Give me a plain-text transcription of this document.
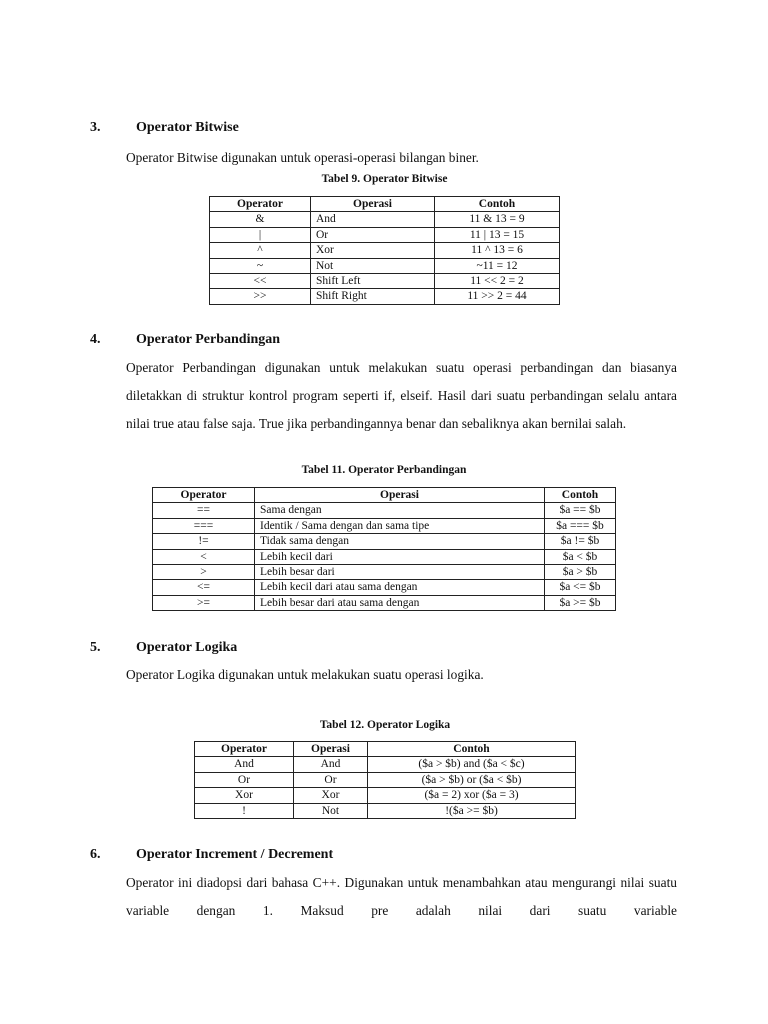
3.	Operator Bitwise
Operator Bitwise digunakan untuk operasi-operasi bilangan biner.
Tabel 9. Operator Bitwise
Operator	Operasi	Contoh
&	And	11 & 13 = 9
|	Or	11 | 13 = 15
^	Xor	11 ^ 13 = 6
~	Not	~11 = 12
<<	Shift Left	11 << 2 = 2
>>	Shift Right	11 >> 2 = 44
4.	Operator Perbandingan
Operator Perbandingan digunakan untuk melakukan suatu operasi perbandingan dan biasanya diletakkan di struktur kontrol program seperti if, elseif. Hasil dari suatu perbandingan selalu antara nilai true atau false saja. True jika perbandingannya benar dan sebaliknya akan bernilai salah.
Tabel 11. Operator Perbandingan
Operator	Operasi	Contoh
==	Sama dengan	$a == $b
===	Identik / Sama dengan dan sama tipe	$a === $b
!=	Tidak sama dengan	$a != $b
<	Lebih kecil dari	$a < $b
>	Lebih besar dari	$a > $b
<=	Lebih kecil dari atau sama dengan	$a <= $b
>=	Lebih besar dari atau sama dengan	$a >= $b
5.	Operator Logika
Operator Logika digunakan untuk melakukan suatu operasi logika.
Tabel 12. Operator Logika
Operator	Operasi	Contoh
And	And	($a > $b) and ($a < $c)
Or	Or	($a > $b) or ($a < $b)
Xor	Xor	($a = 2) xor ($a = 3)
!	Not	!($a >= $b)
6.	Operator Increment / Decrement
Operator ini diadopsi dari bahasa C++. Digunakan untuk menambahkan atau mengurangi nilai suatu variable dengan 1. Maksud pre adalah nilai dari suatu variable
